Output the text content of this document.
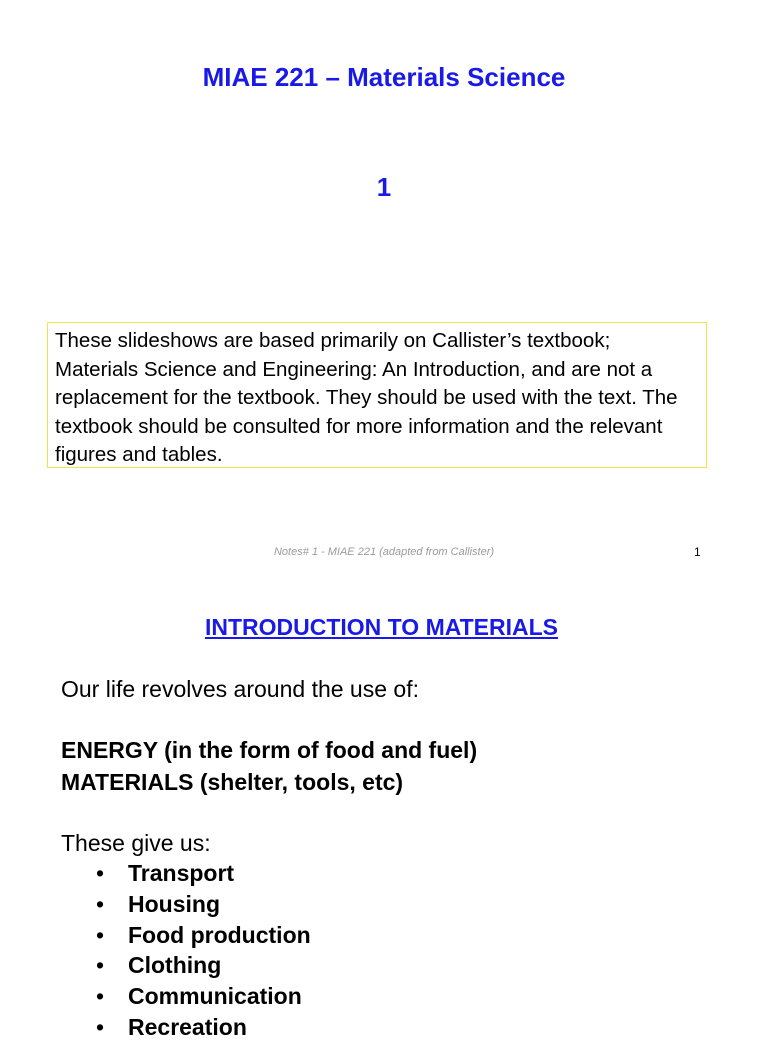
MIAE 221 – Materials Science
1
These slideshows are based primarily on Callister’s textbook; Materials Science and Engineering: An Introduction, and are not a replacement for the textbook. They should be used with the text. The textbook should be consulted for more information and the relevant figures and tables.
Notes# 1 - MIAE 221 (adapted from Callister)	1
INTRODUCTION TO MATERIALS
Our life revolves around the use of:
ENERGY (in the form of food and fuel)
MATERIALS (shelter, tools, etc)
These give us:
• Transport
• Housing
• Food production
• Clothing
• Communication
• Recreation
